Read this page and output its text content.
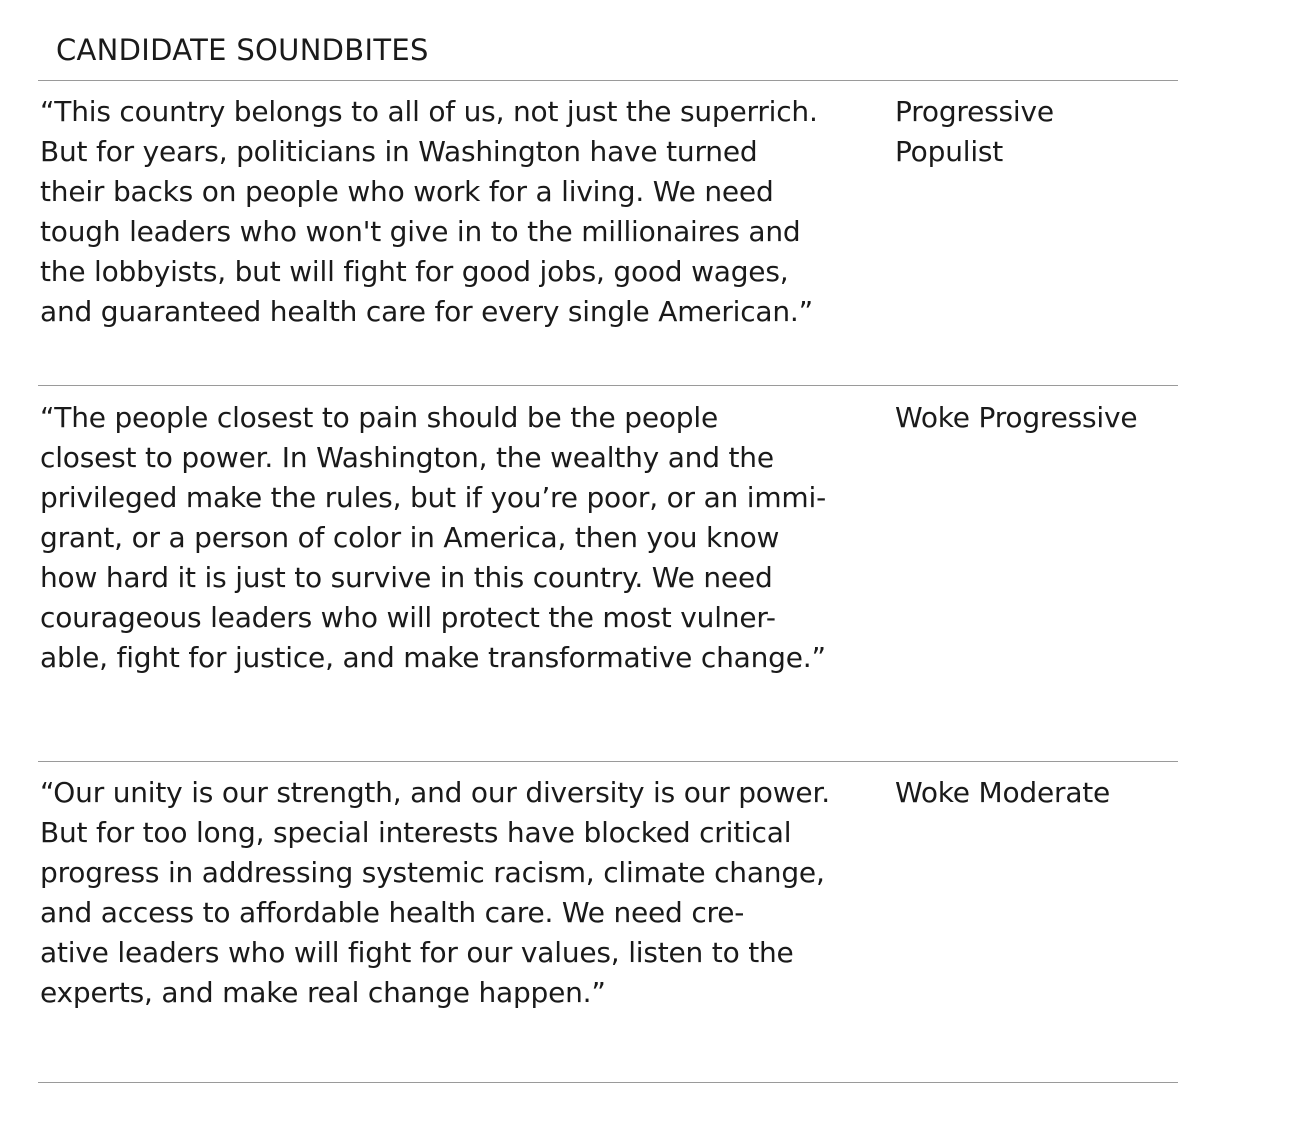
CANDIDATE SOUNDBITES
“This country belongs to all of us, not just the superrich.
But for years, politicians in Washington have turned
their backs on people who work for a living. We need
tough leaders who won't give in to the millionaires and
the lobbyists, but will fight for good jobs, good wages,
and guaranteed health care for every single American.”
Progressive
Populist
“The people closest to pain should be the people
closest to power. In Washington, the wealthy and the
privileged make the rules, but if you’re poor, or an immi-
grant, or a person of color in America, then you know
how hard it is just to survive in this country. We need
courageous leaders who will protect the most vulner-
able, fight for justice, and make transformative change.”
Woke Progressive
“Our unity is our strength, and our diversity is our power.
But for too long, special interests have blocked critical
progress in addressing systemic racism, climate change,
and access to affordable health care. We need cre-
ative leaders who will fight for our values, listen to the
experts, and make real change happen.”
Woke Moderate
